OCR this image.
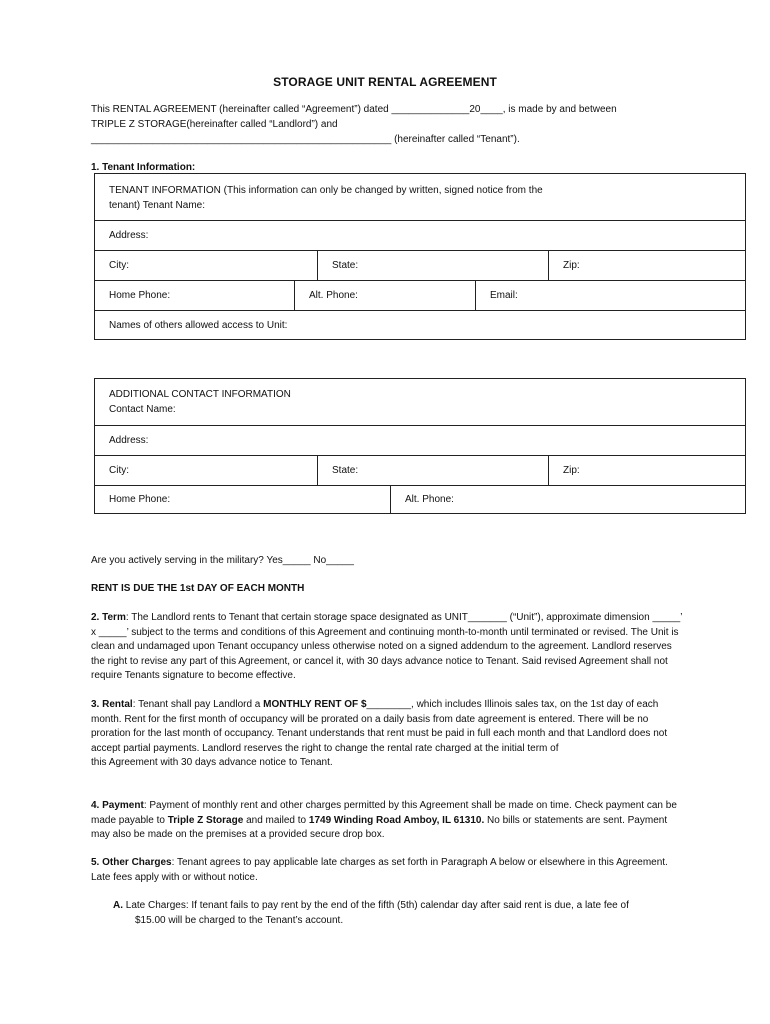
STORAGE UNIT RENTAL AGREEMENT
This RENTAL AGREEMENT (hereinafter called “Agreement”) dated ______________20____, is made by and between
TRIPLE Z STORAGE(hereinafter called “Landlord”) and
______________________________________________________ (hereinafter called “Tenant”).
1. Tenant Information:
TENANT INFORMATION (This information can only be changed by written, signed notice from the
tenant) Tenant Name:
Address:
City:	State:	Zip:
Home Phone:	Alt. Phone:	Email:
Names of others allowed access to Unit:
ADDITIONAL CONTACT INFORMATION
Contact Name:
Address:
City:	State:	Zip:
Home Phone:	Alt. Phone:
Are you actively serving in the military? Yes_____ No_____
RENT IS DUE THE 1st DAY OF EACH MONTH
2. Term: The Landlord rents to Tenant that certain storage space designated as UNIT_______ (“Unit”), approximate dimension _____’ x _____’ subject to the terms and conditions of this Agreement and continuing month-to-month until terminated or revised. The Unit is clean and undamaged upon Tenant occupancy unless otherwise noted on a signed addendum to the agreement. Landlord reserves the right to revise any part of this Agreement, or cancel it, with 30 days advance notice to Tenant. Said revised Agreement shall not require Tenants signature to become effective.
3. Rental: Tenant shall pay Landlord a MONTHLY RENT OF $________, which includes Illinois sales tax, on the 1st day of each month. Rent for the first month of occupancy will be prorated on a daily basis from date agreement is entered. There will be no proration for the last month of occupancy. Tenant understands that rent must be paid in full each month and that Landlord does not accept partial payments. Landlord reserves the right to change the rental rate charged at the initial term of
this Agreement with 30 days advance notice to Tenant.
4. Payment: Payment of monthly rent and other charges permitted by this Agreement shall be made on time. Check payment can be made payable to Triple Z Storage and mailed to 1749 Winding Road Amboy, IL 61310. No bills or statements are sent. Payment may also be made on the premises at a provided secure drop box.
5. Other Charges: Tenant agrees to pay applicable late charges as set forth in Paragraph A below or elsewhere in this Agreement. Late fees apply with or without notice.
A. Late Charges: If tenant fails to pay rent by the end of the fifth (5th) calendar day after said rent is due, a late fee of
$15.00 will be charged to the Tenant’s account.
